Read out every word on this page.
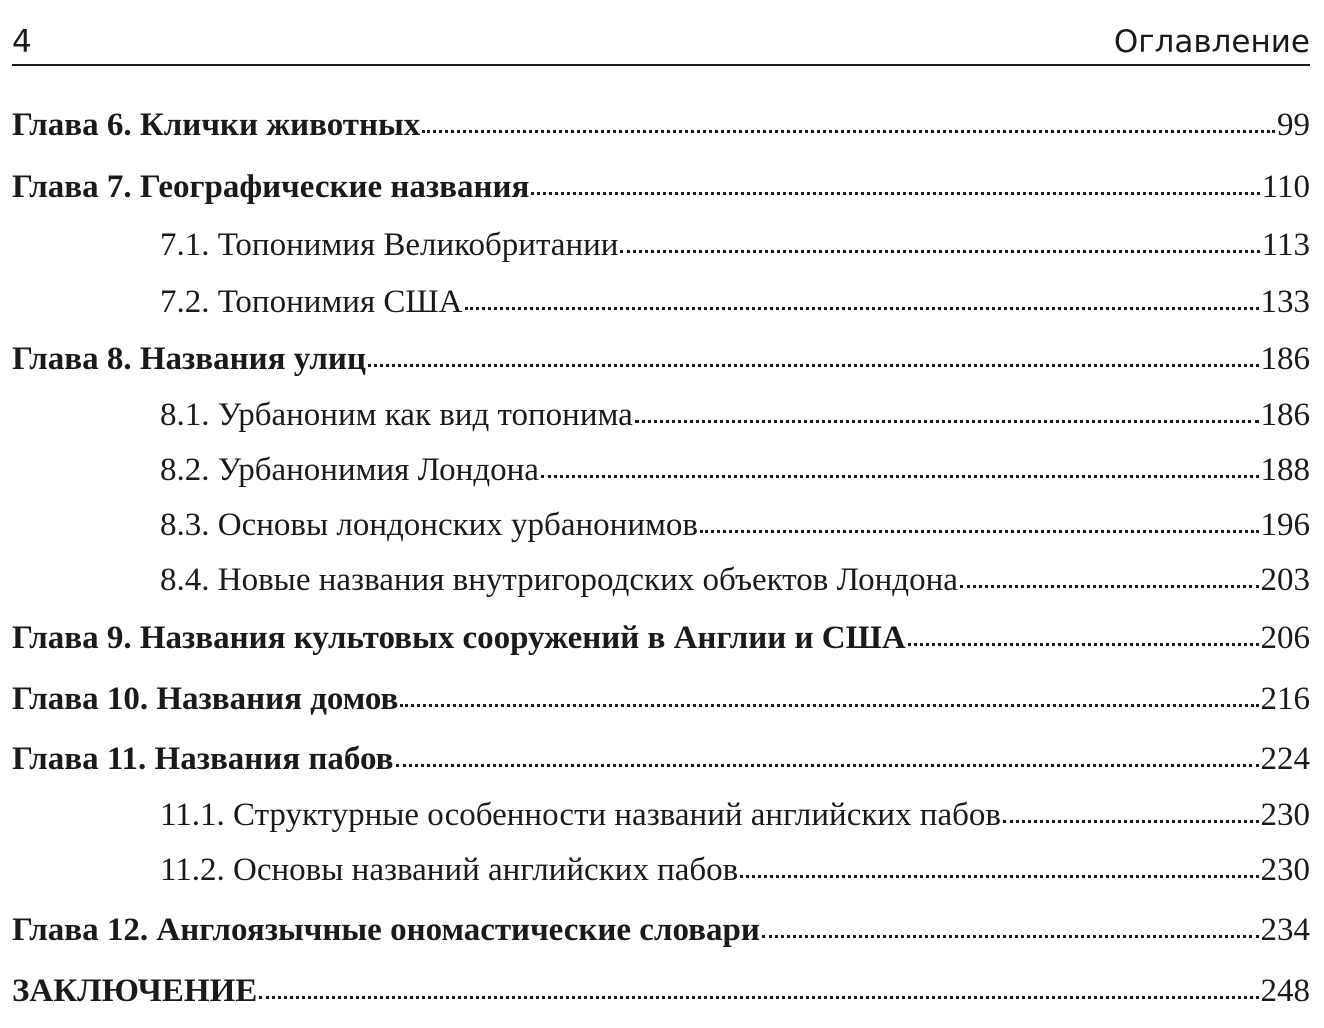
4	Оглавление
Глава 6. Клички животных	99
Глава 7. Географические названия	110
7.1. Топонимия Великобритании	113
7.2. Топонимия США	133
Глава 8. Названия улиц	186
8.1. Урбаноним как вид топонима	186
8.2. Урбанонимия Лондона	188
8.3. Основы лондонских урбанонимов	196
8.4. Новые названия внутригородских объектов Лондона	203
Глава 9. Названия культовых сооружений в Англии и США	206
Глава 10. Названия домов	216
Глава 11. Названия пабов	224
11.1. Структурные особенности названий английских пабов	230
11.2. Основы названий английских пабов	230
Глава 12. Англоязычные ономастические словари	234
ЗАКЛЮЧЕНИЕ	248
